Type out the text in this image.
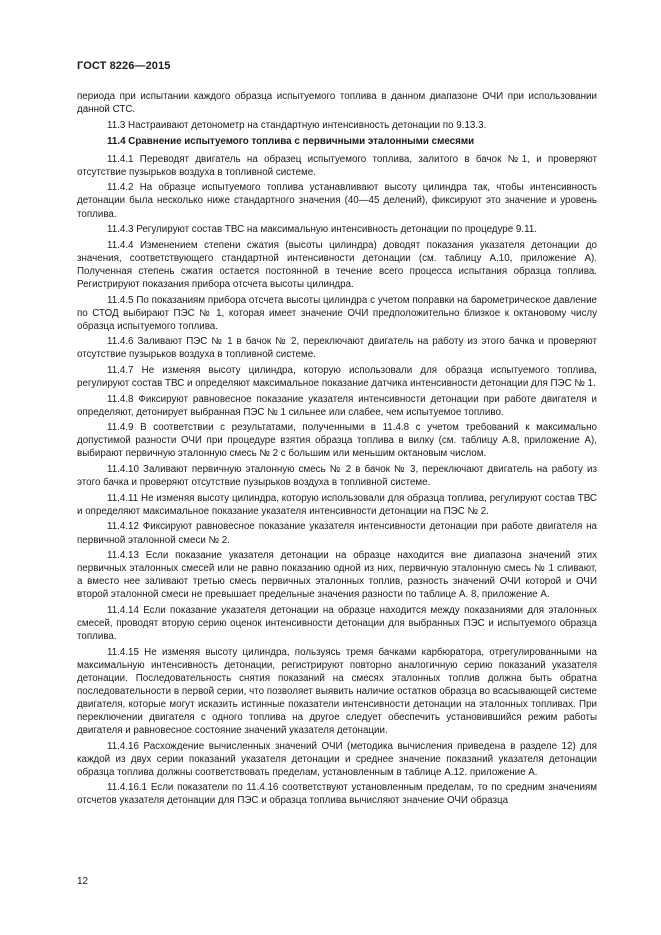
ГОСТ 8226—2015

периода при испытании каждого образца испытуемого топлива в данном диапазоне ОЧИ при использовании данной СТС.

11.3 Настраивают детонометр на стандартную интенсивность детонации по 9.13.3.

11.4 Сравнение испытуемого топлива с первичными эталонными смесями

11.4.1 Переводят двигатель на образец испытуемого топлива, залитого в бачок №1, и проверяют отсутствие пузырьков воздуха в топливной системе.

11.4.2 На образце испытуемого топлива устанавливают высоту цилиндра так, чтобы интенсивность детонации была несколько ниже стандартного значения (40—45 делений), фиксируют это значение и уровень топлива.

11.4.3 Регулируют состав ТВС на максимальную интенсивность детонации по процедуре 9.11.

11.4.4 Изменением степени сжатия (высоты цилиндра) доводят показания указателя детонации до значения, соответствующего стандартной интенсивности детонации (см. таблицу А.10, приложение А). Полученная степень сжатия остается постоянной в течение всего процесса испытания образца топлива. Регистрируют показания прибора отсчета высоты цилиндра.

11.4.5 По показаниям прибора отсчета высоты цилиндра с учетом поправки на барометрическое давление по СТОД выбирают ПЭС № 1, которая имеет значение ОЧИ предположительно близкое к октановому числу образца испытуемого топлива.

11.4.6 Заливают ПЭС № 1 в бачок № 2, переключают двигатель на работу из этого бачка и проверяют отсутствие пузырьков воздуха в топливной системе.

11.4.7 Не изменяя высоту цилиндра, которую использовали для образца испытуемого топлива, регулируют состав ТВС и определяют максимальное показание датчика интенсивности детонации для ПЭС № 1.

11.4.8 Фиксируют равновесное показание указателя интенсивности детонации при работе двигателя и определяют, детонирует выбранная ПЭС № 1 сильнее или слабее, чем испытуемое топливо.

11.4.9 В соответствии с результатами, полученными в 11.4.8 с учетом требований к максимально допустимой разности ОЧИ при процедуре взятия образца топлива в вилку (см. таблицу А.8, приложение А), выбирают первичную эталонную смесь № 2 с большим или меньшим октановым числом.

11.4.10 Заливают первичную эталонную смесь № 2 в бачок № 3, переключают двигатель на работу из этого бачка и проверяют отсутствие пузырьков воздуха в топливной системе.

11.4.11 Не изменяя высоту цилиндра, которую использовали для образца топлива, регулируют состав ТВС и определяют максимальное показание указателя интенсивности детонации на ПЭС № 2.

11.4.12 Фиксируют равновесное показание указателя интенсивности детонации при работе двигателя на первичной эталонной смеси № 2.

11.4.13 Если показание указателя детонации на образце находится вне диапазона значений этих первичных эталонных смесей или не равно показанию одной из них, первичную эталонную смесь № 1 сливают, а вместо нее заливают третью смесь первичных эталонных топлив, разность значений ОЧИ которой и ОЧИ второй эталонной смеси не превышает предельные значения разности по таблице А. 8, приложение А.

11.4.14 Если показание указателя детонации на образце находится между показаниями для эталонных смесей, проводят вторую серию оценок интенсивности детонации для выбранных ПЭС и испытуемого образца топлива.

11.4.15 Не изменяя высоту цилиндра, пользуясь тремя бачками карбюратора, отрегулированными на максимальную интенсивность детонации, регистрируют повторно аналогичную серию показаний указателя детонации. Последовательность снятия показаний на смесях эталонных топлив должна быть обратна последовательности в первой серии, что позволяет выявить наличие остатков образца во всасывающей системе двигателя, которые могут исказить истинные показатели интенсивности детонации на эталонных топливах. При переключении двигателя с одного топлива на другое следует обеспечить установившийся режим работы двигателя и равновесное состояние значений указателя детонации.

11.4.16 Расхождение вычисленных значений ОЧИ (методика вычисления приведена в разделе 12) для каждой из двух серии показаний указателя детонации и среднее значение показаний указателя детонации образца топлива должны соответствовать пределам, установленным в таблице А.12. приложение А.

11.4.16.1 Если показатели по 11.4.16 соответствуют установленным пределам, то по средним значениям отсчетов указателя детонации для ПЭС и образца топлива вычисляют значение ОЧИ образца

12
